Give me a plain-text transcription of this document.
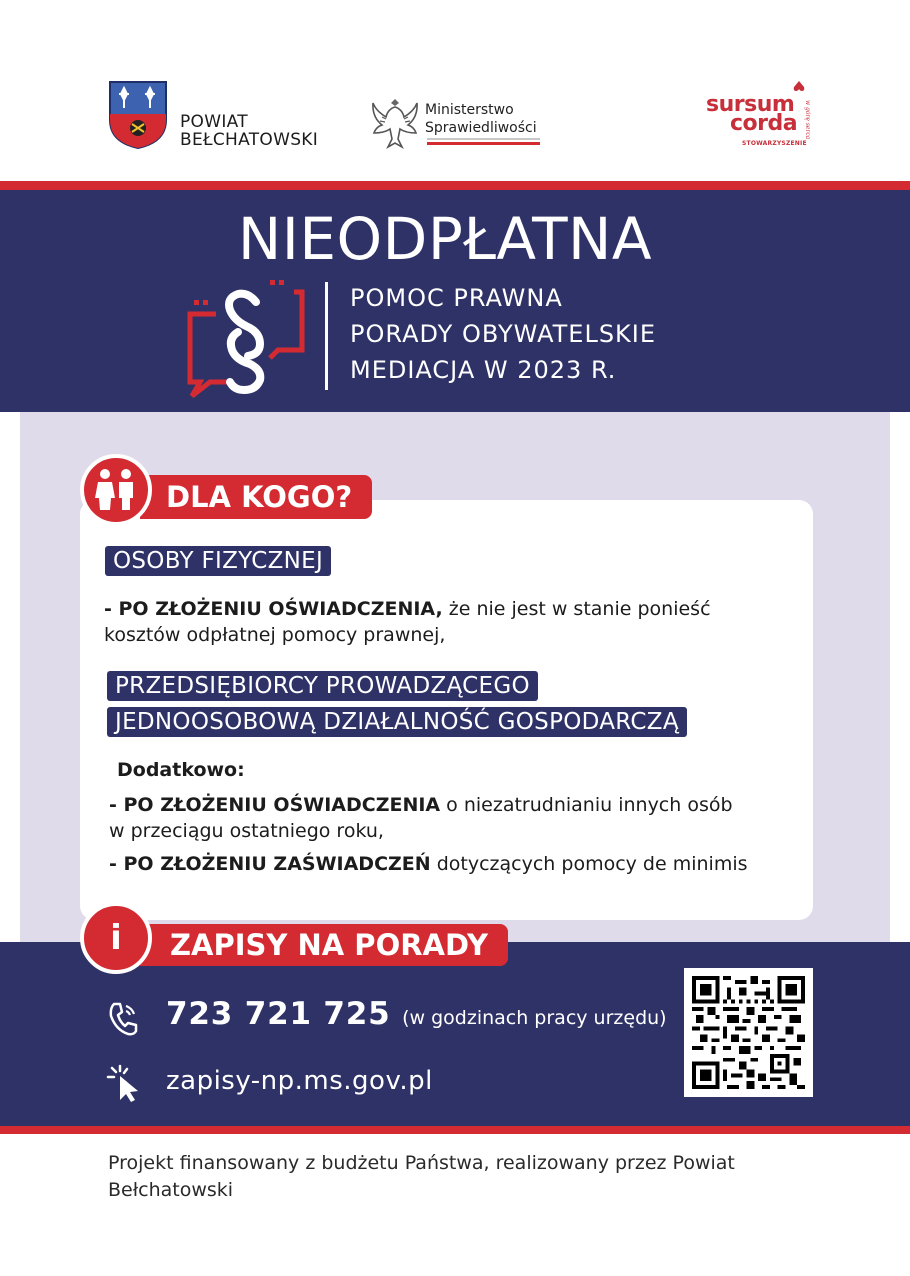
POWIAT
BEŁCHATOWSKI
Ministerstwo
Sprawiedliwości
sursum
corda
STOWARZYSZENIE
w górę serca
NIEODPŁATNA
POMOC PRAWNA
PORADY OBYWATELSKIE
MEDIACJA W 2023 R.
DLA KOGO?
OSOBY FIZYCZNEJ
- PO ZŁOŻENIU OŚWIADCZENIA, że nie jest w stanie ponieść
kosztów odpłatnej pomocy prawnej,
PRZEDSIĘBIORCY PROWADZĄCEGO
JEDNOOSOBOWĄ DZIAŁALNOŚĆ GOSPODARCZĄ
Dodatkowo:
- PO ZŁOŻENIU OŚWIADCZENIA o niezatrudnianiu innych osób
w przeciągu ostatniego roku,
- PO ZŁOŻENIU ZAŚWIADCZEŃ dotyczących pomocy de minimis
i	ZAPISY NA PORADY
723 721 725 (w godzinach pracy urzędu)
zapisy-np.ms.gov.pl
Projekt finansowany z budżetu Państwa, realizowany przez Powiat Bełchatowski
